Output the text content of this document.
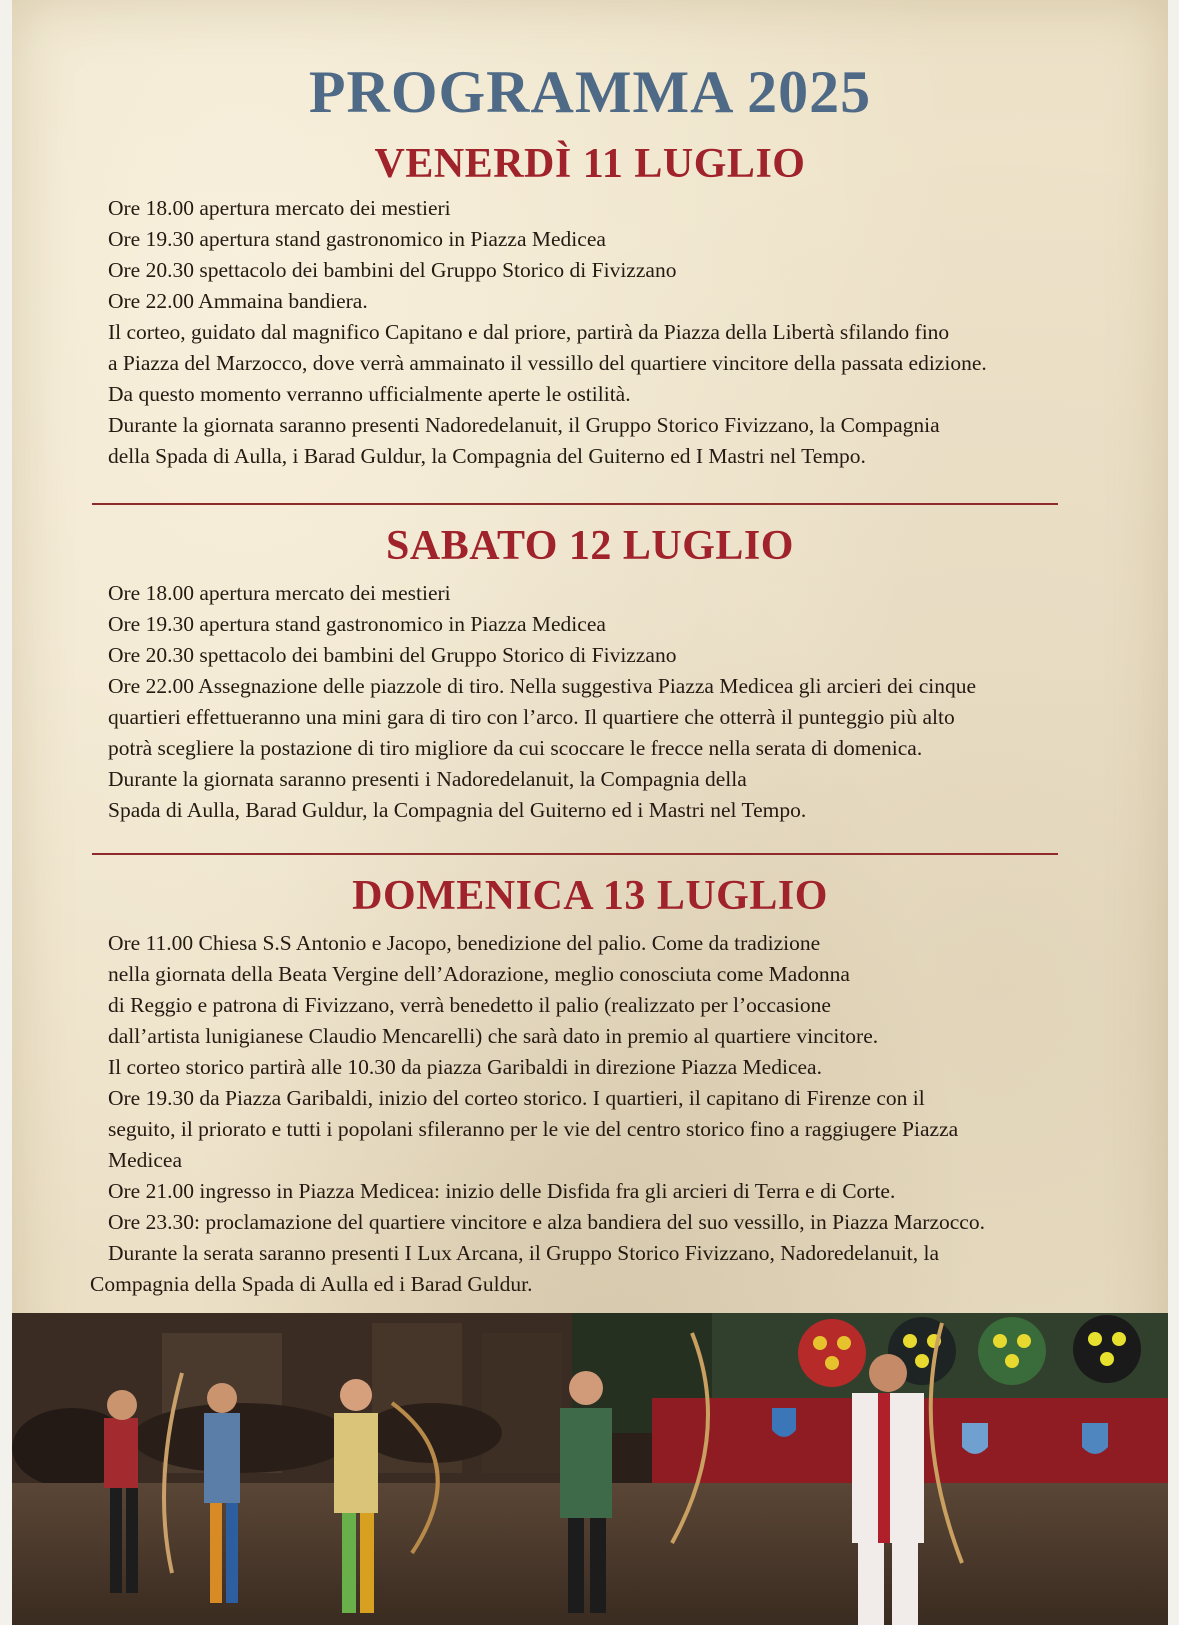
PROGRAMMA 2025
VENERDÌ 11 LUGLIO
Ore 18.00 apertura mercato dei mestieri
Ore 19.30 apertura stand gastronomico in Piazza Medicea
Ore 20.30 spettacolo dei bambini del Gruppo Storico di Fivizzano
Ore 22.00 Ammaina bandiera.
Il corteo, guidato dal magnifico Capitano e dal priore, partirà da Piazza della Libertà sfilando fino
a Piazza del Marzocco, dove verrà ammainato il vessillo del quartiere vincitore della passata edizione.
Da questo momento verranno ufficialmente aperte le ostilità.
Durante la giornata saranno presenti Nadoredelanuit, il Gruppo Storico Fivizzano, la Compagnia
della Spada di Aulla, i Barad Guldur, la Compagnia del Guiterno ed I Mastri nel Tempo.
SABATO 12 LUGLIO
Ore 18.00 apertura mercato dei mestieri
Ore 19.30 apertura stand gastronomico in Piazza Medicea
Ore 20.30 spettacolo dei bambini del Gruppo Storico di Fivizzano
Ore 22.00 Assegnazione delle piazzole di tiro. Nella suggestiva Piazza Medicea gli arcieri dei cinque
quartieri effettueranno una mini gara di tiro con l’arco. Il quartiere che otterrà il punteggio più alto
potrà scegliere la postazione di tiro migliore da cui scoccare le frecce nella serata di domenica.
Durante la giornata saranno presenti i Nadoredelanuit, la Compagnia della
Spada di Aulla, Barad Guldur, la Compagnia del Guiterno ed i Mastri nel Tempo.
DOMENICA 13 LUGLIO
Ore 11.00 Chiesa S.S Antonio e Jacopo, benedizione del palio. Come da tradizione
nella giornata della Beata Vergine dell’Adorazione, meglio conosciuta come Madonna
di Reggio e patrona di Fivizzano, verrà benedetto il palio (realizzato per l’occasione
dall’artista lunigianese Claudio Mencarelli) che sarà dato in premio al quartiere vincitore.
Il corteo storico partirà alle 10.30 da piazza Garibaldi in direzione Piazza Medicea.
Ore 19.30 da Piazza Garibaldi, inizio del corteo storico. I quartieri, il capitano di Firenze con il
seguito, il priorato e tutti i popolani sfileranno per le vie del centro storico fino a raggiugere Piazza
Medicea
Ore 21.00 ingresso in Piazza Medicea: inizio delle Disfida fra gli arcieri di Terra e di Corte.
Ore 23.30: proclamazione del quartiere vincitore e alza bandiera del suo vessillo, in Piazza Marzocco.
Durante la serata saranno presenti I Lux Arcana, il Gruppo Storico Fivizzano, Nadoredelanuit, la
Compagnia della Spada di Aulla ed i Barad Guldur.
